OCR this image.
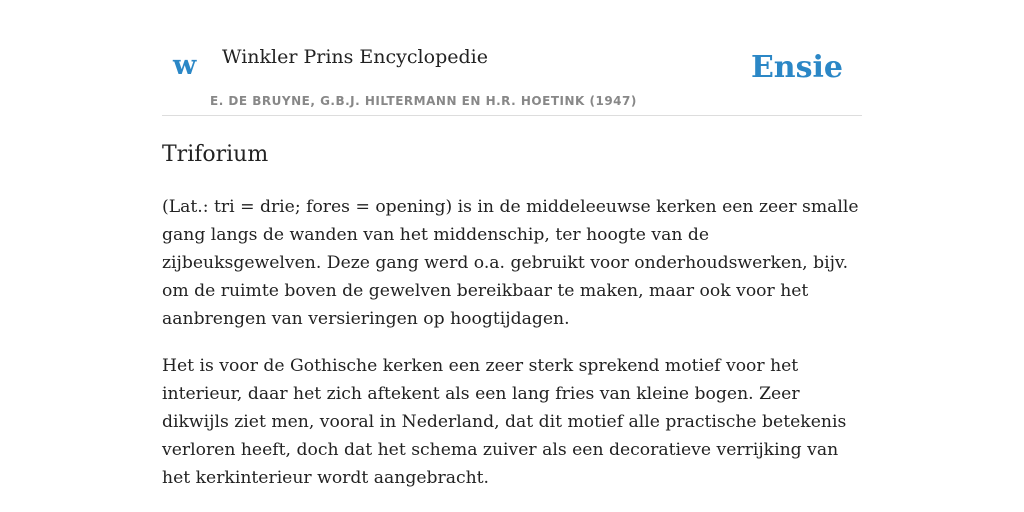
w Winkler Prins Encyclopedie
E. DE BRUYNE, G.B.J. HILTERMANN EN H.R. HOETINK (1947)
Ensie
Triforium

(Lat.: tri = drie; fores = opening) is in de middeleeuwse kerken een zeer smalle gang langs de wanden van het middenschip, ter hoogte van de zijbeuksgewelven. Deze gang werd o.a. gebruikt voor onderhoudswerken, bijv. om de ruimte boven de gewelven bereikbaar te maken, maar ook voor het aanbrengen van versieringen op hoogtijdagen.

Het is voor de Gothische kerken een zeer sterk sprekend motief voor het interieur, daar het zich aftekent als een lang fries van kleine bogen. Zeer dikwijls ziet men, vooral in Nederland, dat dit motief alle practische betekenis verloren heeft, doch dat het schema zuiver als een decoratieve verrijking van het kerkinterieur wordt aangebracht.
